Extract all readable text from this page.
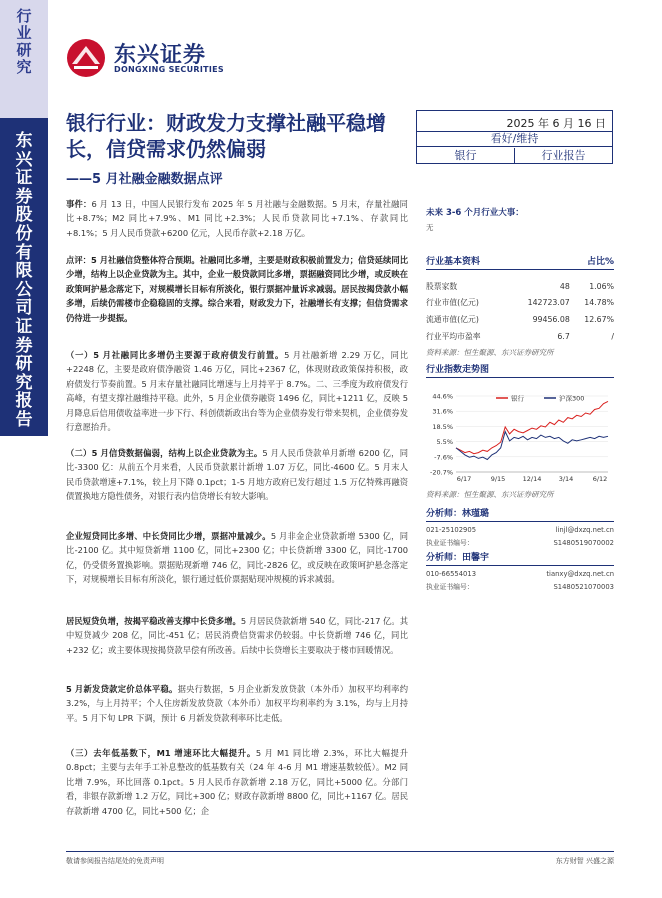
行业研究
东兴证券股份有限公司证券研究报告
东兴证券
DONGXING SECURITIES
银行行业：财政发力支撑社融平稳增长，信贷需求仍然偏弱
——5 月社融金融数据点评
2025 年 6 月 16 日
看好/维持
银行	行业报告
事件：6 月 13 日，中国人民银行发布 2025 年 5 月社融与金融数据。5 月末，存量社融同比+8.7%；M2 同比+7.9%、M1 同比+2.3%；人民币贷款同比+7.1%、存款同比+8.1%；5 月人民币贷款+6200 亿元，人民币存款+2.18 万亿。
点评：5 月社融信贷整体符合预期。社融同比多增，主要是财政积极前置发力；信贷延续同比少增，结构上以企业贷款为主。其中，企业一般贷款同比多增，票据融资同比少增，或反映在政策呵护悬念落定下，对规模增长目标有所淡化，银行票据冲量诉求减弱。居民按揭贷款小幅多增，后续仍需楼市企稳稳固的支撑。综合来看，财政发力下，社融增长有支撑；但信贷需求仍待进一步提振。
（一）5 月社融同比多增仍主要源于政府债发行前置。5 月社融新增 2.29 万亿，同比+2248 亿，主要是政府债净融资 1.46 万亿，同比+2367 亿，体现财政政策保持积极，政府债发行节奏前置。5 月末存量社融同比增速与上月持平于 8.7%。二、三季度为政府债发行高峰，有望支撑社融维持平稳。此外，5 月企业债券融资 1496 亿，同比+1211 亿，反映 5 月降息后信用债收益率进一步下行、科创债新政出台等为企业债券发行带来契机，企业债券发行意愿抬升。
（二）5 月信贷数据偏弱，结构上以企业贷款为主。5 月人民币贷款单月新增 6200 亿，同比-3300 亿：从前五个月来看，人民币贷款累计新增 1.07 万亿，同比-4600 亿。5 月末人民币贷款增速+7.1%，较上月下降 0.1pct；1-5 月地方政府已发行超过 1.5 万亿特殊再融资债置换地方隐性债务，对银行表内信贷增长有较大影响。
企业短贷同比多增、中长贷同比少增，票据冲量减少。5 月非金企业贷款新增 5300 亿，同比-2100 亿。其中短贷新增 1100 亿，同比+2300 亿；中长贷新增 3300 亿，同比-1700 亿，仍受债务置换影响。票据贴现新增 746 亿，同比-2826 亿，或反映在政策呵护悬念落定下，对规模增长目标有所淡化，银行通过低价票据贴现冲规模的诉求减弱。
居民短贷负增，按揭平稳改善支撑中长贷多增。5 月居民贷款新增 540 亿，同比-217 亿。其中短贷减少 208 亿，同比-451 亿；居民消费信贷需求仍较弱。中长贷新增 746 亿，同比+232 亿；或主要体现按揭贷款早偿有所改善。后续中长贷增长主要取决于楼市回暖情况。
5 月新发贷款定价总体平稳。据央行数据，5 月企业新发放贷款（本外币）加权平均利率约 3.2%，与上月持平；个人住房新发放贷款（本外币）加权平均利率约为 3.1%，均与上月持平。5 月下旬 LPR 下调，预计 6 月新发贷款利率环比走低。
（三）去年低基数下，M1 增速环比大幅提升。5 月 M1 同比增 2.3%，环比大幅提升 0.8pct；主要与去年手工补息整改的低基数有关（24 年 4-6 月 M1 增速基数较低）。M2 同比增 7.9%，环比回落 0.1pct。5 月人民币存款新增 2.18 万亿，同比+5000 亿。分部门看，非银存款新增 1.2 万亿，同比+300 亿；财政存款新增 8800 亿，同比+1167 亿。居民存款新增 4700 亿，同比+500 亿；企
未来 3-6 个月行业大事：
无
行业基本资料	占比%
股票家数	48	1.06%
行业市值(亿元)	142723.07	14.78%
流通市值(亿元)	99456.08	12.67%
行业平均市盈率	6.7	/
资料来源：恒生聚源、东兴证券研究所
行业指数走势图
44.6%
31.6%
18.5%
5.5%
-7.6%
-20.7%
6/17	9/15	12/14	3/14	6/12
银行	沪深300
资料来源：恒生聚源、东兴证券研究所
分析师：林瑾璐
021-25102905	linjl@dxzq.net.cn
执业证书编号：	S1480519070002
分析师：田馨宇
010-66554013	tianxy@dxzq.net.cn
执业证书编号：	S1480521070003
敬请参阅报告结尾处的免责声明	东方财智 兴盛之源
